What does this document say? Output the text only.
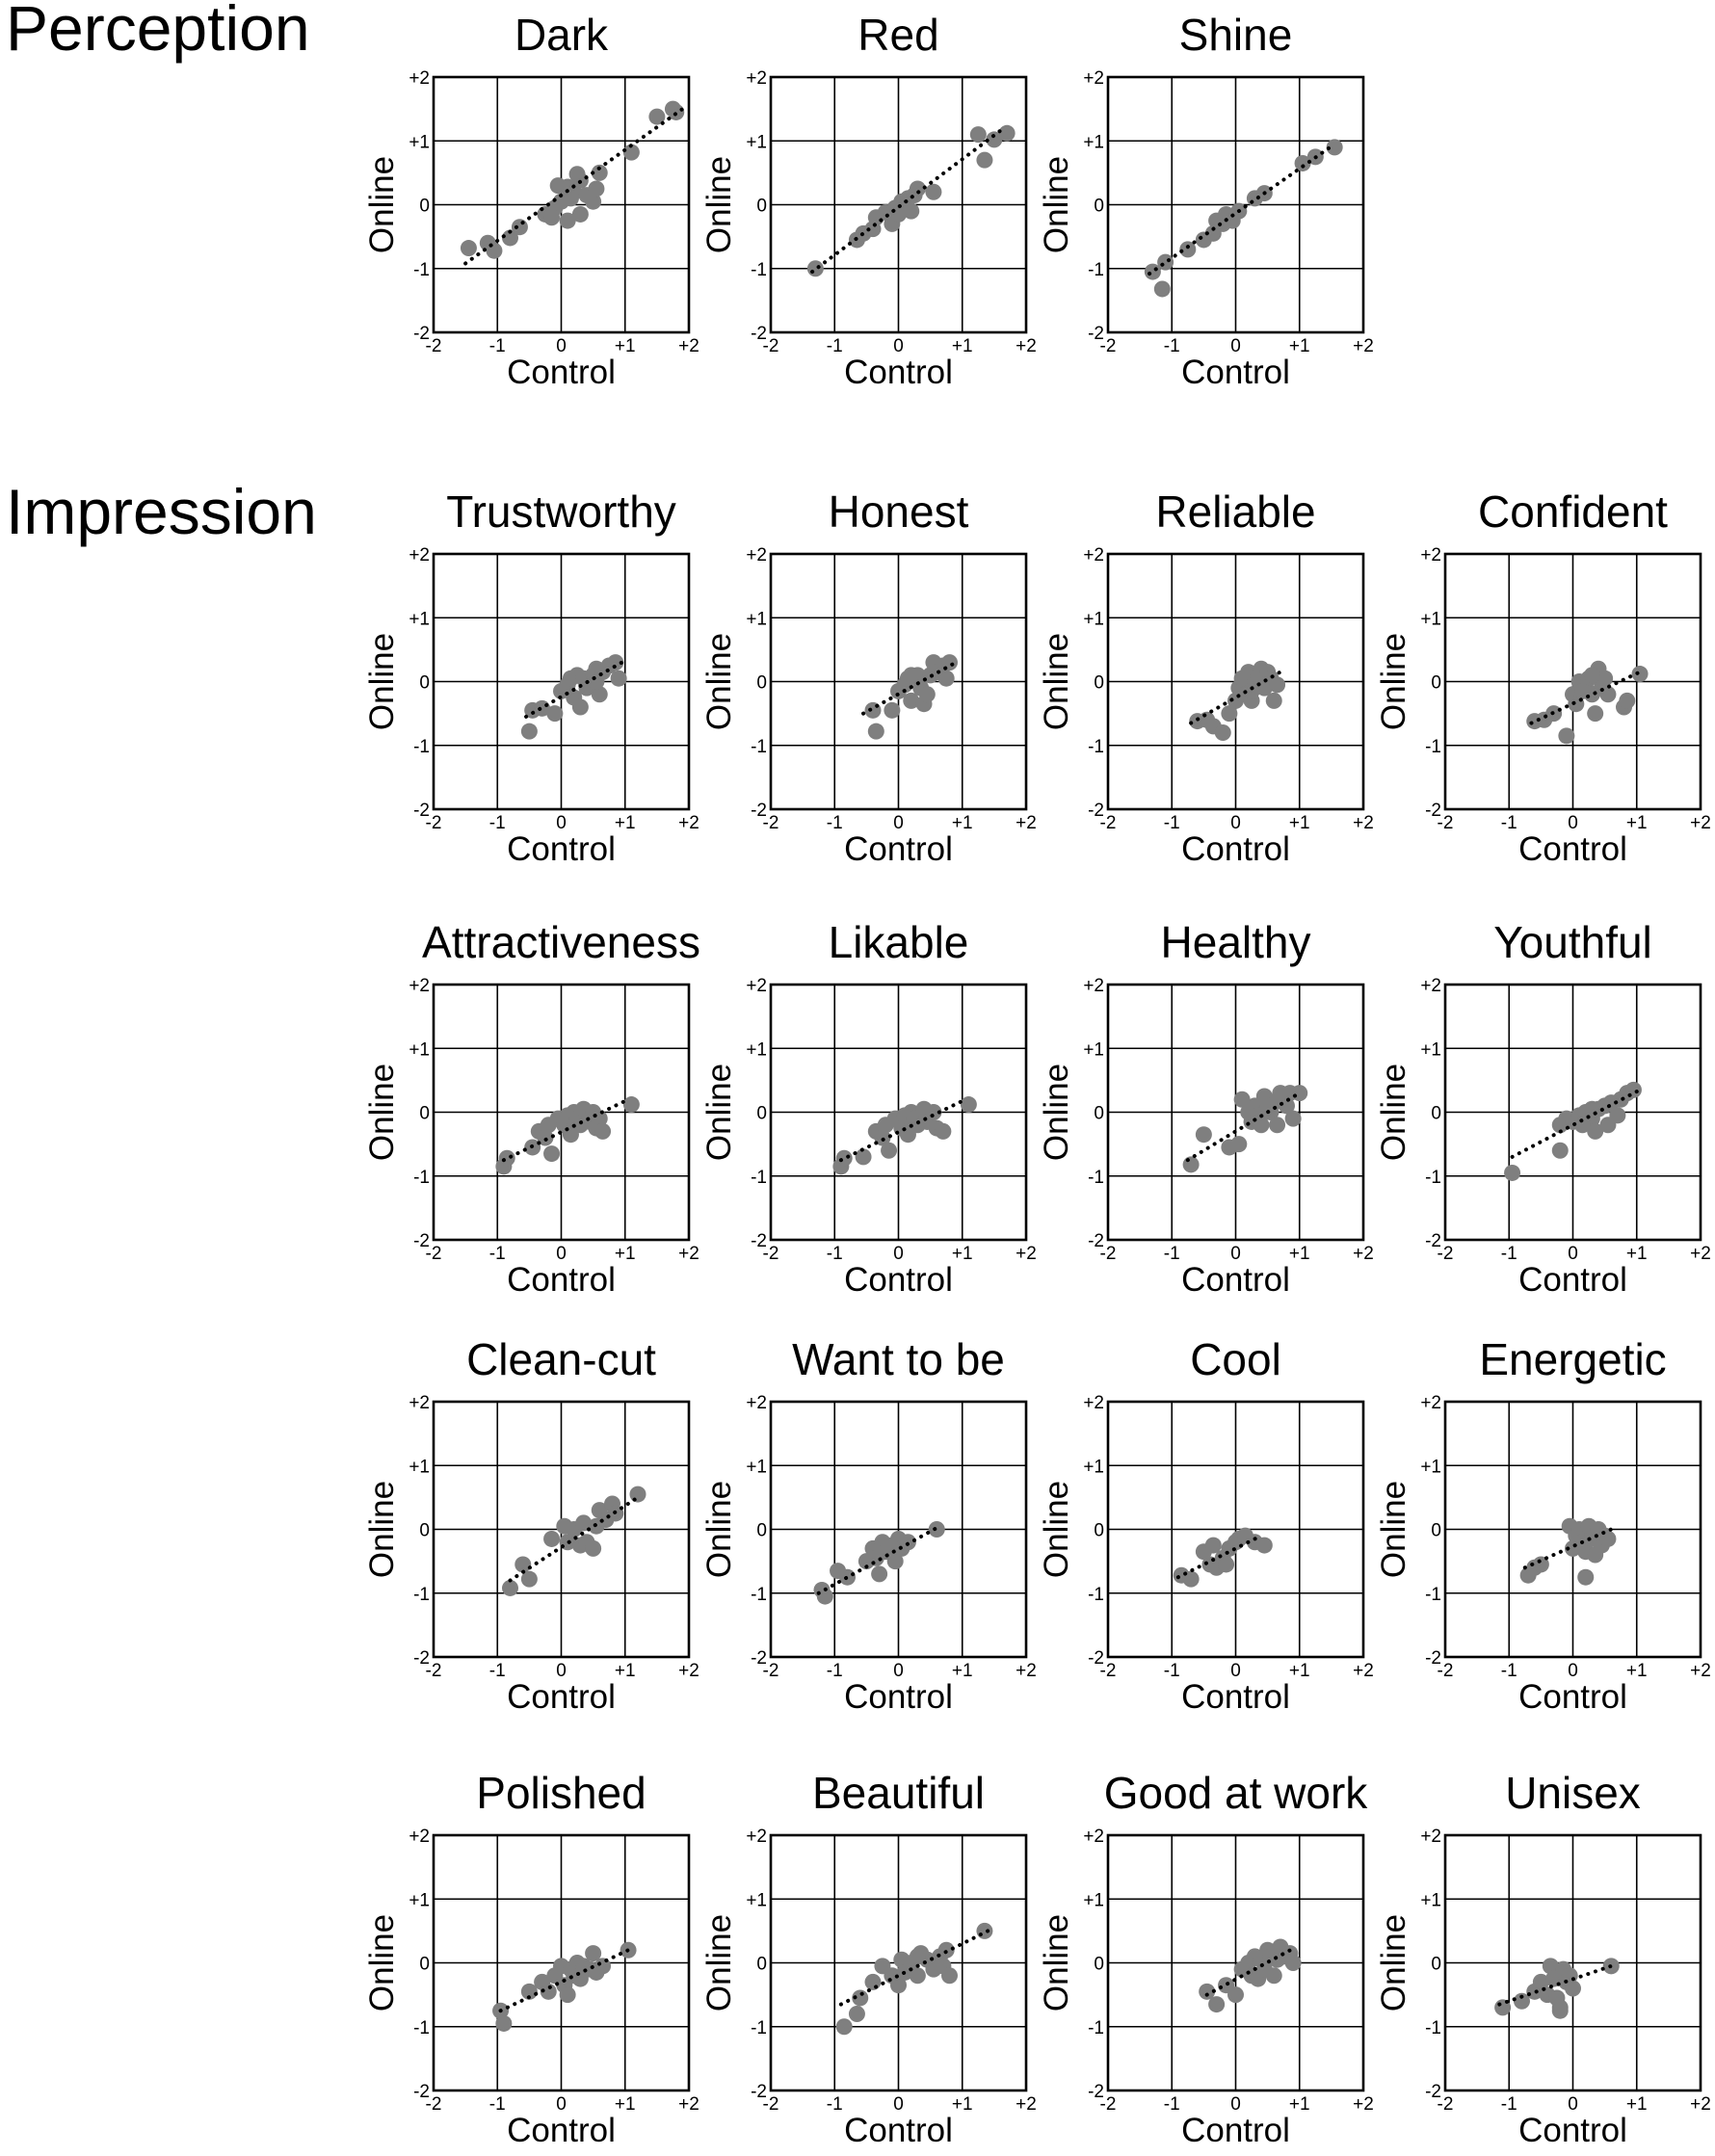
Perception
Impression
Dark
-2
-2
-1
-1
0
0
+1
+1
+2
+2
Control
Online
Red
-2
-2
-1
-1
0
0
+1
+1
+2
+2
Control
Online
Shine
-2
-2
-1
-1
0
0
+1
+1
+2
+2
Control
Online
Trustworthy
-2
-2
-1
-1
0
0
+1
+1
+2
+2
Control
Online
Honest
-2
-2
-1
-1
0
0
+1
+1
+2
+2
Control
Online
Reliable
-2
-2
-1
-1
0
0
+1
+1
+2
+2
Control
Online
Confident
-2
-2
-1
-1
0
0
+1
+1
+2
+2
Control
Online
Attractiveness
-2
-2
-1
-1
0
0
+1
+1
+2
+2
Control
Online
Likable
-2
-2
-1
-1
0
0
+1
+1
+2
+2
Control
Online
Healthy
-2
-2
-1
-1
0
0
+1
+1
+2
+2
Control
Online
Youthful
-2
-2
-1
-1
0
0
+1
+1
+2
+2
Control
Online
Clean-cut
-2
-2
-1
-1
0
0
+1
+1
+2
+2
Control
Online
Want to be
-2
-2
-1
-1
0
0
+1
+1
+2
+2
Control
Online
Cool
-2
-2
-1
-1
0
0
+1
+1
+2
+2
Control
Online
Energetic
-2
-2
-1
-1
0
0
+1
+1
+2
+2
Control
Online
Polished
-2
-2
-1
-1
0
0
+1
+1
+2
+2
Control
Online
Beautiful
-2
-2
-1
-1
0
0
+1
+1
+2
+2
Control
Online
Good at work
-2
-2
-1
-1
0
0
+1
+1
+2
+2
Control
Online
Unisex
-2
-2
-1
-1
0
0
+1
+1
+2
+2
Control
Online
